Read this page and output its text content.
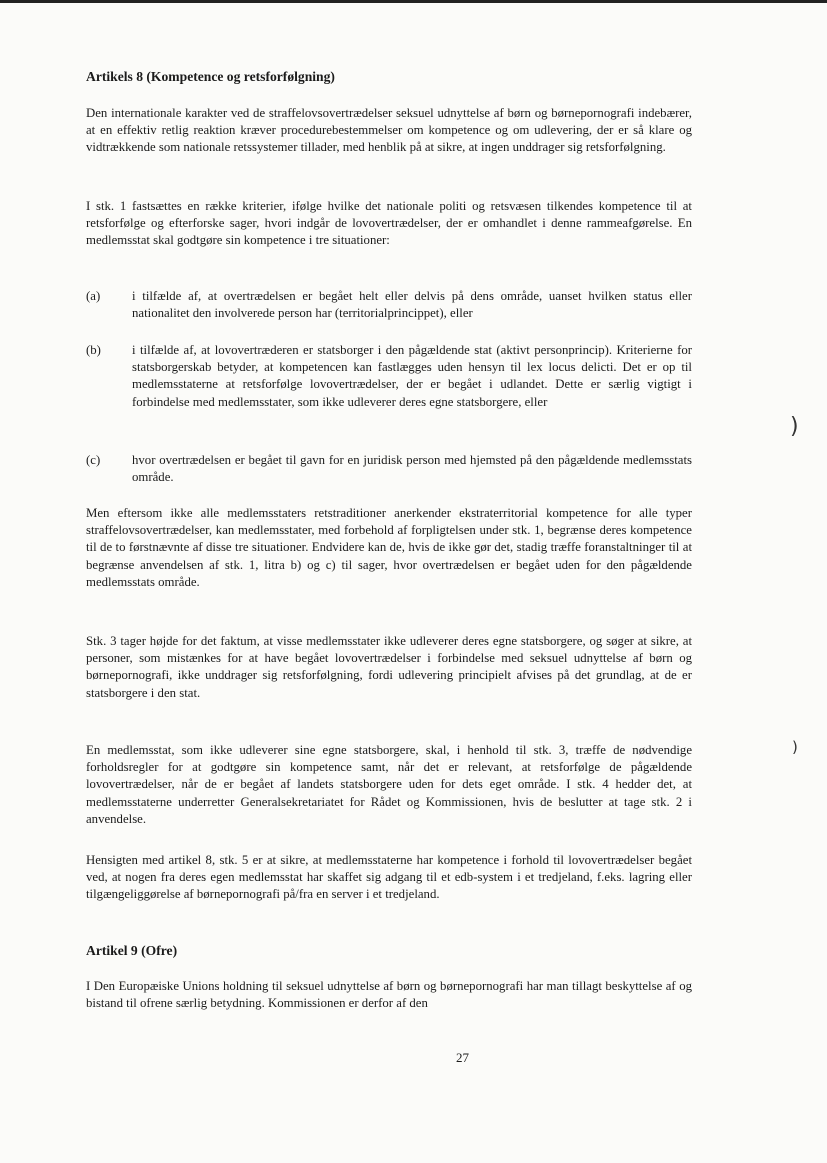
Artikels 8 (Kompetence og retsforfølgning)

Den internationale karakter ved de straffelovsovertrædelser seksuel udnyttelse af børn og børnepornografi indebærer, at en effektiv retlig reaktion kræver procedurebestemmelser om kompetence og om udlevering, der er så klare og vidtrækkende som nationale retssystemer tillader, med henblik på at sikre, at ingen unddrager sig retsforfølgning.

I stk. 1 fastsættes en række kriterier, ifølge hvilke det nationale politi og retsvæsen tilkendes kompetence til at retsforfølge og efterforske sager, hvori indgår de lovovertrædelser, der er omhandlet i denne rammeafgørelse. En medlemsstat skal godtgøre sin kompetence i tre situationer:

(a)	i tilfælde af, at overtrædelsen er begået helt eller delvis på dens område, uanset hvilken status eller nationalitet den involverede person har (territorialprincippet), eller
(b)	i tilfælde af, at lovovertræderen er statsborger i den pågældende stat (aktivt personprincip). Kriterierne for statsborgerskab betyder, at kompetencen kan fastlægges uden hensyn til lex locus delicti. Det er op til medlemsstaterne at retsforfølge lovovertrædelser, der er begået i udlandet. Dette er særlig vigtigt i forbindelse med medlemsstater, som ikke udleverer deres egne statsborgere, eller
(c)	hvor overtrædelsen er begået til gavn for en juridisk person med hjemsted på den pågældende medlemsstats område.

Men eftersom ikke alle medlemsstaters retstraditioner anerkender ekstraterritorial kompetence for alle typer straffelovsovertrædelser, kan medlemsstater, med forbehold af forpligtelsen under stk. 1, begrænse deres kompetence til de to førstnævnte af disse tre situationer. Endvidere kan de, hvis de ikke gør det, stadig træffe foranstaltninger til at begrænse anvendelsen af stk. 1, litra b) og c) til sager, hvor overtrædelsen er begået uden for den pågældende medlemsstats område.

Stk. 3 tager højde for det faktum, at visse medlemsstater ikke udleverer deres egne statsborgere, og søger at sikre, at personer, som mistænkes for at have begået lovovertrædelser i forbindelse med seksuel udnyttelse af børn og børnepornografi, ikke unddrager sig retsforfølgning, fordi udlevering principielt afvises på det grundlag, at de er statsborgere i den stat.

En medlemsstat, som ikke udleverer sine egne statsborgere, skal, i henhold til stk. 3, træffe de nødvendige forholdsregler for at godtgøre sin kompetence samt, når det er relevant, at retsforfølge de pågældende lovovertrædelser, når de er begået af landets statsborgere uden for dets eget område. I stk. 4 hedder det, at medlemsstaterne underretter Generalsekretariatet for Rådet og Kommissionen, hvis de beslutter at tage stk. 2 i anvendelse.

Hensigten med artikel 8, stk. 5 er at sikre, at medlemsstaterne har kompetence i forhold til lovovertrædelser begået ved, at nogen fra deres egen medlemsstat har skaffet sig adgang til et edb-system i et tredjeland, f.eks. lagring eller tilgængeliggørelse af børnepornografi på/fra en server i et tredjeland.

Artikel 9 (Ofre)

I Den Europæiske Unions holdning til seksuel udnyttelse af børn og børnepornografi har man tillagt beskyttelse af og bistand til ofrene særlig betydning. Kommissionen er derfor af den

27

)
)
